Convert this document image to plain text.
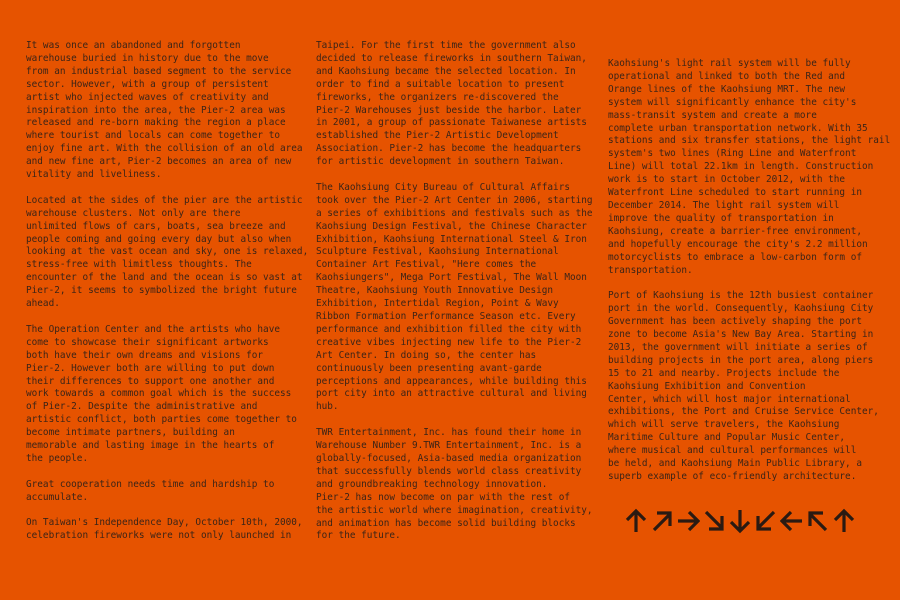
It was once an abandoned and forgotten
warehouse buried in history due to the move
from an industrial based segment to the service
sector. However, with a group of persistent
artist who injected waves of creativity and
inspiration into the area, the Pier-2 area was
released and re-born making the region a place
where tourist and locals can come together to
enjoy fine art. With the collision of an old area
and new fine art, Pier-2 becomes an area of new
vitality and liveliness.

Located at the sides of the pier are the artistic
warehouse clusters. Not only are there
unlimited flows of cars, boats, sea breeze and
people coming and going every day but also when
looking at the vast ocean and sky, one is relaxed,
stress-free with limitless thoughts. The
encounter of the land and the ocean is so vast at
Pier-2, it seems to symbolized the bright future
ahead.

The Operation Center and the artists who have
come to showcase their significant artworks
both have their own dreams and visions for
Pier-2. However both are willing to put down
their differences to support one another and
work towards a common goal which is the success
of Pier-2. Despite the administrative and
artistic conflict, both parties come together to
become intimate partners, building an
memorable and lasting image in the hearts of
the people.

Great cooperation needs time and hardship to
accumulate.

On Taiwan's Independence Day, October 10th, 2000,
celebration fireworks were not only launched in

Taipei. For the first time the government also
decided to release fireworks in southern Taiwan,
and Kaohsiung became the selected location. In
order to find a suitable location to present
fireworks, the organizers re-discovered the
Pier-2 Warehouses just beside the harbor. Later
in 2001, a group of passionate Taiwanese artists
established the Pier-2 Artistic Development
Association. Pier-2 has become the headquarters
for artistic development in southern Taiwan.

The Kaohsiung City Bureau of Cultural Affairs
took over the Pier-2 Art Center in 2006, starting
a series of exhibitions and festivals such as the
Kaohsiung Design Festival, the Chinese Character
Exhibition, Kaohsiung International Steel & Iron
Sculpture Festival, Kaohsiung International
Container Art Festival, "Here comes the
Kaohsiungers", Mega Port Festival, The Wall Moon
Theatre, Kaohsiung Youth Innovative Design
Exhibition, Intertidal Region, Point & Wavy
Ribbon Formation Performance Season etc. Every
performance and exhibition filled the city with
creative vibes injecting new life to the Pier-2
Art Center. In doing so, the center has
continuously been presenting avant-garde
perceptions and appearances, while building this
port city into an attractive cultural and living
hub.

TWR Entertainment, Inc. has found their home in
Warehouse Number 9.TWR Entertainment, Inc. is a
globally-focused, Asia-based media organization
that successfully blends world class creativity
and groundbreaking technology innovation.
Pier-2 has now become on par with the rest of
the artistic world where imagination, creativity,
and animation has become solid building blocks
for the future.

Kaohsiung's light rail system will be fully
operational and linked to both the Red and
Orange lines of the Kaohsiung MRT. The new
system will significantly enhance the city's
mass-transit system and create a more
complete urban transportation network. With 35
stations and six transfer stations, the light rail
system's two lines (Ring Line and Waterfront
Line) will total 22.1km in length. Construction
work is to start in October 2012, with the
Waterfront Line scheduled to start running in
December 2014. The light rail system will
improve the quality of transportation in
Kaohsiung, create a barrier-free environment,
and hopefully encourage the city's 2.2 million
motorcyclists to embrace a low-carbon form of
transportation.

Port of Kaohsiung is the 12th busiest container
port in the world. Consequently, Kaohsiung City
Government has been actively shaping the port
zone to become Asia's New Bay Area. Starting in
2013, the government will initiate a series of
building projects in the port area, along piers
15 to 21 and nearby. Projects include the
Kaohsiung Exhibition and Convention
Center, which will host major international
exhibitions, the Port and Cruise Service Center,
which will serve travelers, the Kaohsiung
Maritime Culture and Popular Music Center,
where musical and cultural performances will
be held, and Kaohsiung Main Public Library, a
superb example of eco-friendly architecture.
